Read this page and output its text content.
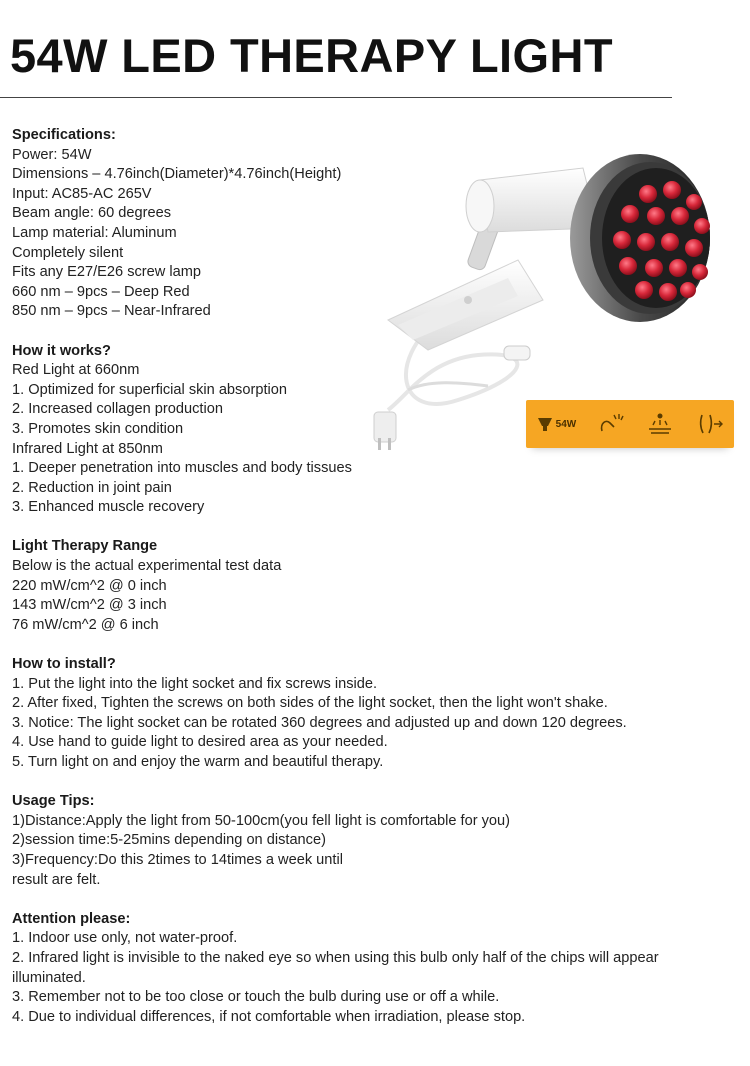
54W LED THERAPY LIGHT
Specifications:
Power: 54W
Dimensions – 4.76inch(Diameter)*4.76inch(Height)
Input: AC85-AC 265V
Beam angle: 60 degrees
Lamp material: Aluminum
Completely silent
Fits any E27/E26 screw lamp
660 nm – 9pcs – Deep Red
850 nm – 9pcs – Near-Infrared
How it works?
Red Light at 660nm
1. Optimized for superficial skin absorption
2. Increased collagen production
3. Promotes skin condition
Infrared Light at 850nm
1. Deeper penetration into muscles and body tissues
2. Reduction in joint pain
3. Enhanced muscle recovery
Light Therapy Range
Below is the actual experimental test data
220 mW/cm^2 @ 0 inch
143 mW/cm^2 @ 3 inch
76 mW/cm^2 @ 6 inch
How to install?
1. Put the light into the light socket and fix screws inside.
2. After fixed, Tighten the screws on both sides of the light socket, then the light won't shake.
3. Notice: The light socket can be rotated 360 degrees and adjusted up and down 120 degrees.
4. Use hand to guide light to desired area as your needed.
5. Turn light on and enjoy the warm and beautiful therapy.
Usage Tips:
1)Distance:Apply the light from 50-100cm(you fell light is comfortable for you)
2)session time:5-25mins depending on distance)
3)Frequency:Do this 2times to 14times a week until
result are felt.
Attention please:
1. Indoor use only, not water-proof.
2. Infrared light is invisible to the naked eye so when using this bulb only half of the chips will appear
illuminated.
3. Remember not to be too close or touch the bulb during use or off a while.
4. Due to individual differences, if not comfortable when irradiation, please stop.
54W
